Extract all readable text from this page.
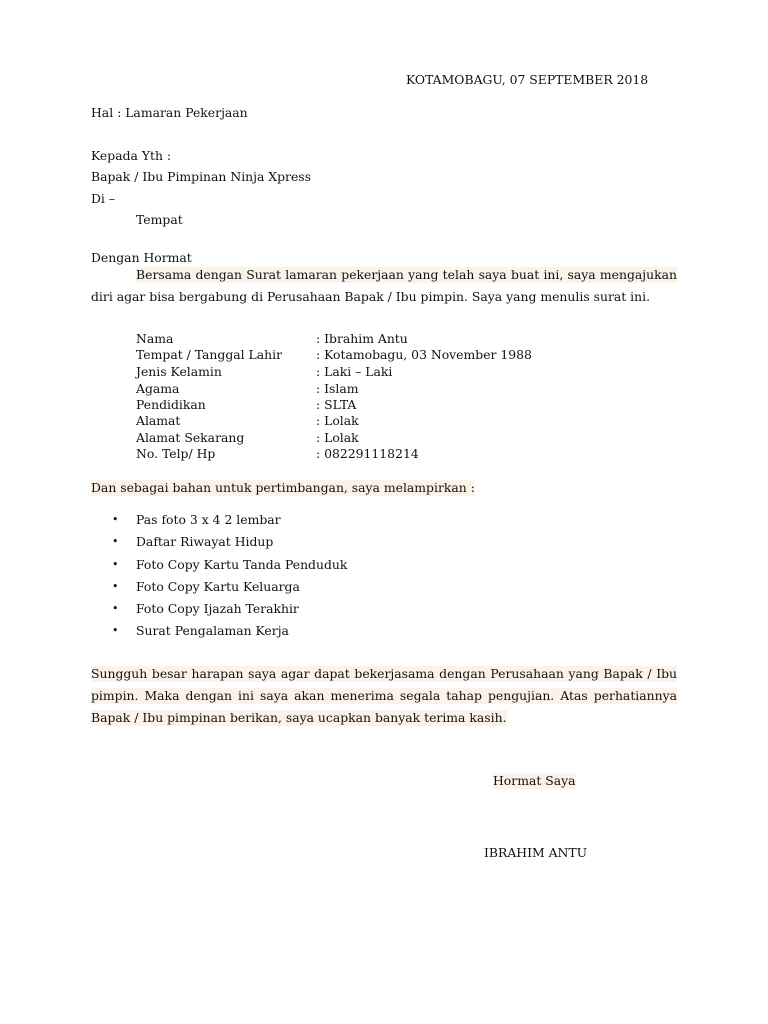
KOTAMOBAGU, 07 SEPTEMBER 2018
Hal : Lamaran Pekerjaan
Kepada Yth :
Bapak / Ibu Pimpinan Ninja Xpress
Di –
Tempat
Dengan Hormat
Bersama dengan Surat lamaran pekerjaan yang telah saya buat ini, saya mengajukan
diri agar bisa bergabung di Perusahaan Bapak / Ibu pimpin. Saya yang menulis surat ini.
Nama	: Ibrahim Antu
Tempat / Tanggal Lahir	: Kotamobagu, 03 November 1988
Jenis Kelamin	: Laki – Laki
Agama	: Islam
Pendidikan	: SLTA
Alamat	: Lolak
Alamat Sekarang	: Lolak
No. Telp/ Hp	: 082291118214
Dan sebagai bahan untuk pertimbangan, saya melampirkan :
• Pas foto 3 x 4 2 lembar
• Daftar Riwayat Hidup
• Foto Copy Kartu Tanda Penduduk
• Foto Copy Kartu Keluarga
• Foto Copy Ijazah Terakhir
• Surat Pengalaman Kerja
Sungguh besar harapan saya agar dapat bekerjasama dengan Perusahaan yang Bapak / Ibu
pimpin. Maka dengan ini saya akan menerima segala tahap pengujian. Atas perhatiannya
Bapak / Ibu pimpinan berikan, saya ucapkan banyak terima kasih.
Hormat Saya
IBRAHIM ANTU
